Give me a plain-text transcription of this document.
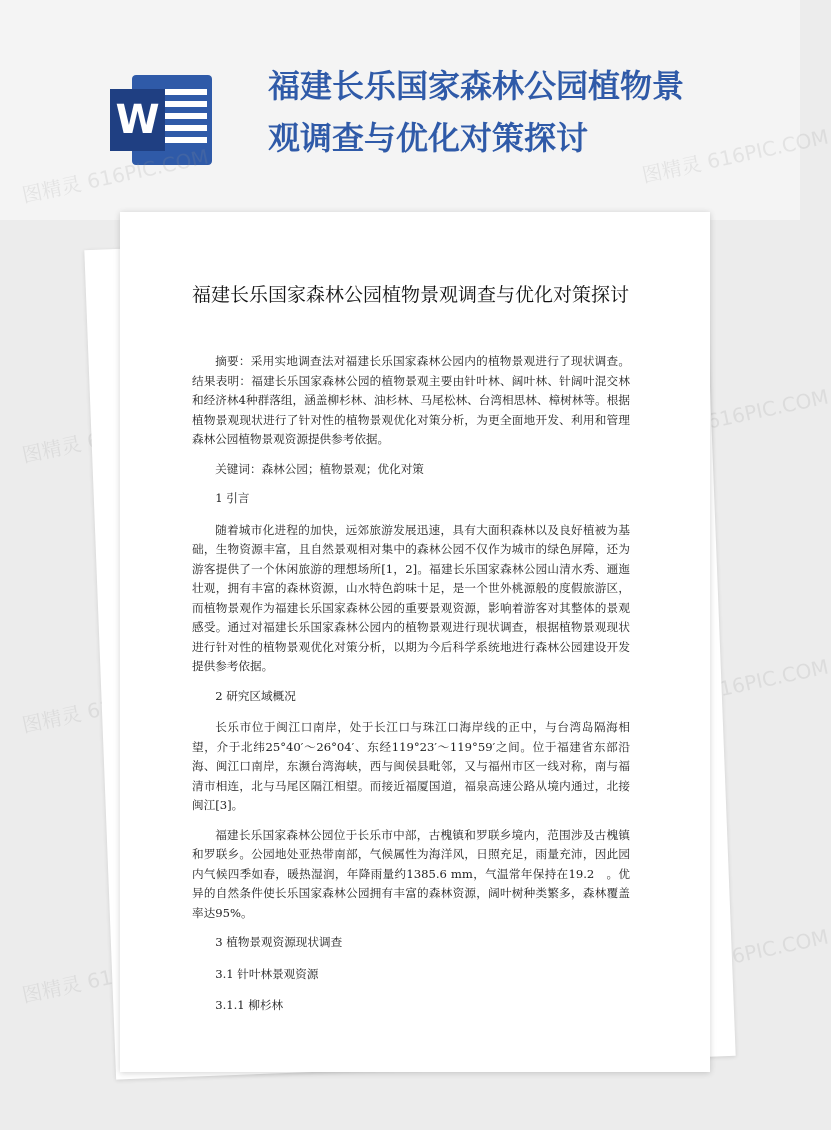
W
福建长乐国家森林公园植物景观调查与优化对策探讨
图精灵
图精灵 616PIC.COM
图精灵
图精灵 616PIC.COM
图精灵
图精灵 616PIC.COM
福建长乐国家森林公园植物景观调查与优化对策探讨

摘要：采用实地调查法对福建长乐国家森林公园内的植物景观进行了现状调查。结果表明：福建长乐国家森林公园的植物景观主要由针叶林、阔叶林、针阔叶混交林和经济林4种群落组，涵盖柳杉林、油杉林、马尾松林、台湾相思林、樟树林等。根据植物景观现状进行了针对性的植物景观优化对策分析，为更全面地开发、利用和管理森林公园植物景观资源提供参考依据。

关键词：森林公园；植物景观；优化对策

1 引言

随着城市化进程的加快，远郊旅游发展迅速，具有大面积森林以及良好植被为基础，生物资源丰富，且自然景观相对集中的森林公园不仅作为城市的绿色屏障，还为游客提供了一个休闲旅游的理想场所[1，2]。福建长乐国家森林公园山清水秀、逦迤壮观，拥有丰富的森林资源，山水特色韵味十足，是一个世外桃源般的度假旅游区，而植物景观作为福建长乐国家森林公园的重要景观资源，影响着游客对其整体的景观感受。通过对福建长乐国家森林公园内的植物景观进行现状调查，根据植物景观现状进行针对性的植物景观优化对策分析，以期为今后科学系统地进行森林公园建设开发提供参考依据。

2 研究区域概况

长乐市位于闽江口南岸，处于长江口与珠江口海岸线的正中，与台湾岛隔海相望，介于北纬25°40′～26°04′、东经119°23′～119°59′之间。位于福建省东部沿海、闽江口南岸，东濒台湾海峡，西与闽侯县毗邻，又与福州市区一线对称，南与福清市相连，北与马尾区隔江相望。而接近福厦国道，福泉高速公路从境内通过，北接闽江[3]。

福建长乐国家森林公园位于长乐市中部，古槐镇和罗联乡境内，范围涉及古槐镇和罗联乡。公园地处亚热带南部，气候属性为海洋风，日照充足，雨量充沛，因此园内气候四季如春，暖热湿润，年降雨量约1385.6 mm，气温常年保持在19.2　。优异的自然条件使长乐国家森林公园拥有丰富的森林资源，阔叶树种类繁多，森林覆盖率达95%。

3 植物景观资源现状调查

3.1 针叶林景观资源

3.1.1 柳杉林
